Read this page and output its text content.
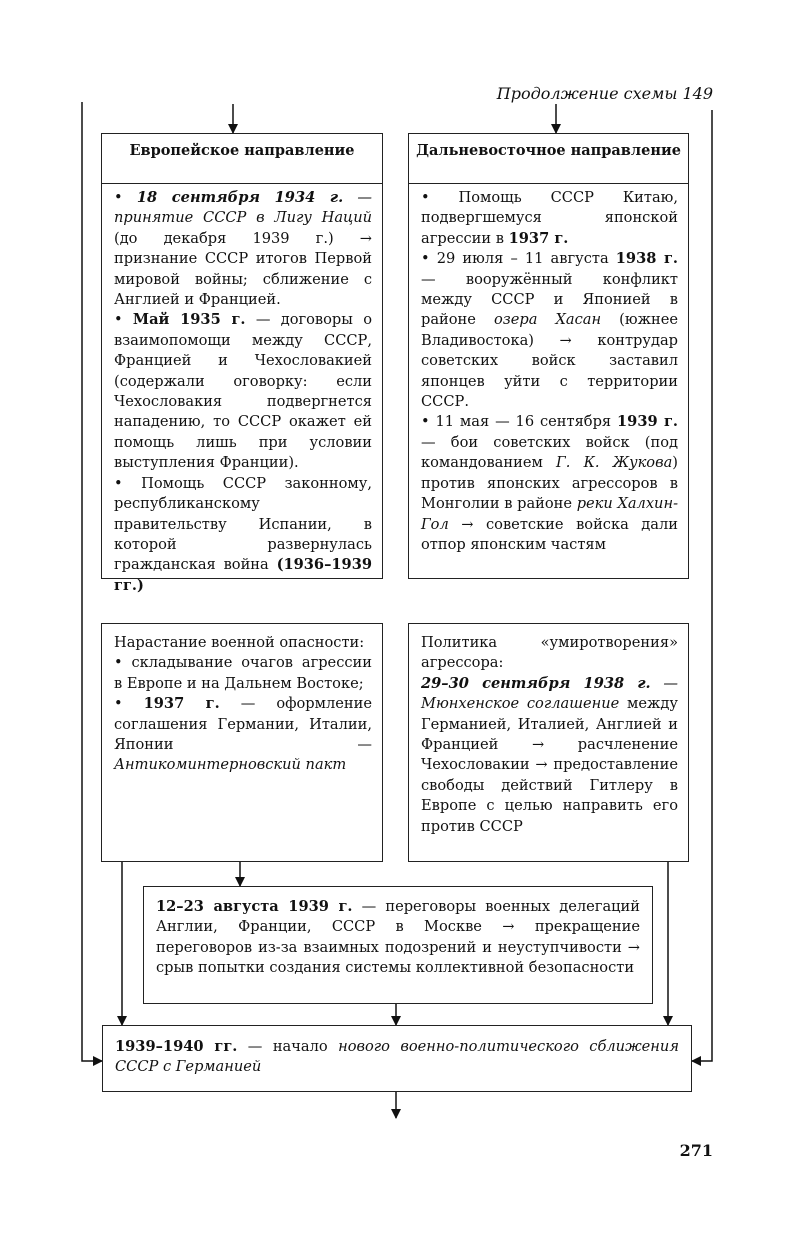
Продолжение схемы 149
Европейское направление

• 18 сентября 1934 г. — принятие СССР в Лигу Наций (до декабря 1939 г.) → признание СССР итогов Первой мировой войны; сближение с Англией и Францией.

• Май 1935 г. — договоры о взаимопомощи между СССР, Францией и Чехословакией (содержали оговорку: если Чехословакия подвергнется нападению, то СССР окажет ей помощь лишь при условии выступления Франции).

• Помощь СССР законному, республиканскому правительству Испании, в которой развернулась гражданская война (1936–1939 гг.)

Дальневосточное направление

• Помощь СССР Китаю, подвергшемуся японской агрессии в 1937 г.

• 29 июля – 11 августа 1938 г. — вооружённый конфликт между СССР и Японией в районе озера Хасан (южнее Владивостока) → контрудар советских войск заставил японцев уйти с территории СССР.

• 11 мая — 16 сентября 1939 г. — бои советских войск (под командованием Г. К. Жукова) против японских агрессоров в Монголии в районе реки Халхин-Гол → советские войска дали отпор японским частям

Нарастание военной опасности:

• складывание очагов агрессии в Европе и на Дальнем Востоке;

• 1937 г. — оформление соглашения Германии, Италии, Японии — Антикоминтерновский пакт

Политика «умиротворения» агрессора:

29–30 сентября 1938 г. — Мюнхенское соглашение между Германией, Италией, Англией и Францией → расчленение Чехословакии → предоставление свободы действий Гитлеру в Европе с целью направить его против СССР

12–23 августа 1939 г. — переговоры военных делегаций Англии, Франции, СССР в Москве → прекращение переговоров из-за взаимных подозрений и неуступчивости → срыв попытки создания системы коллективной безопасности

1939–1940 гг. — начало нового военно-политического сближения СССР с Германией

271
